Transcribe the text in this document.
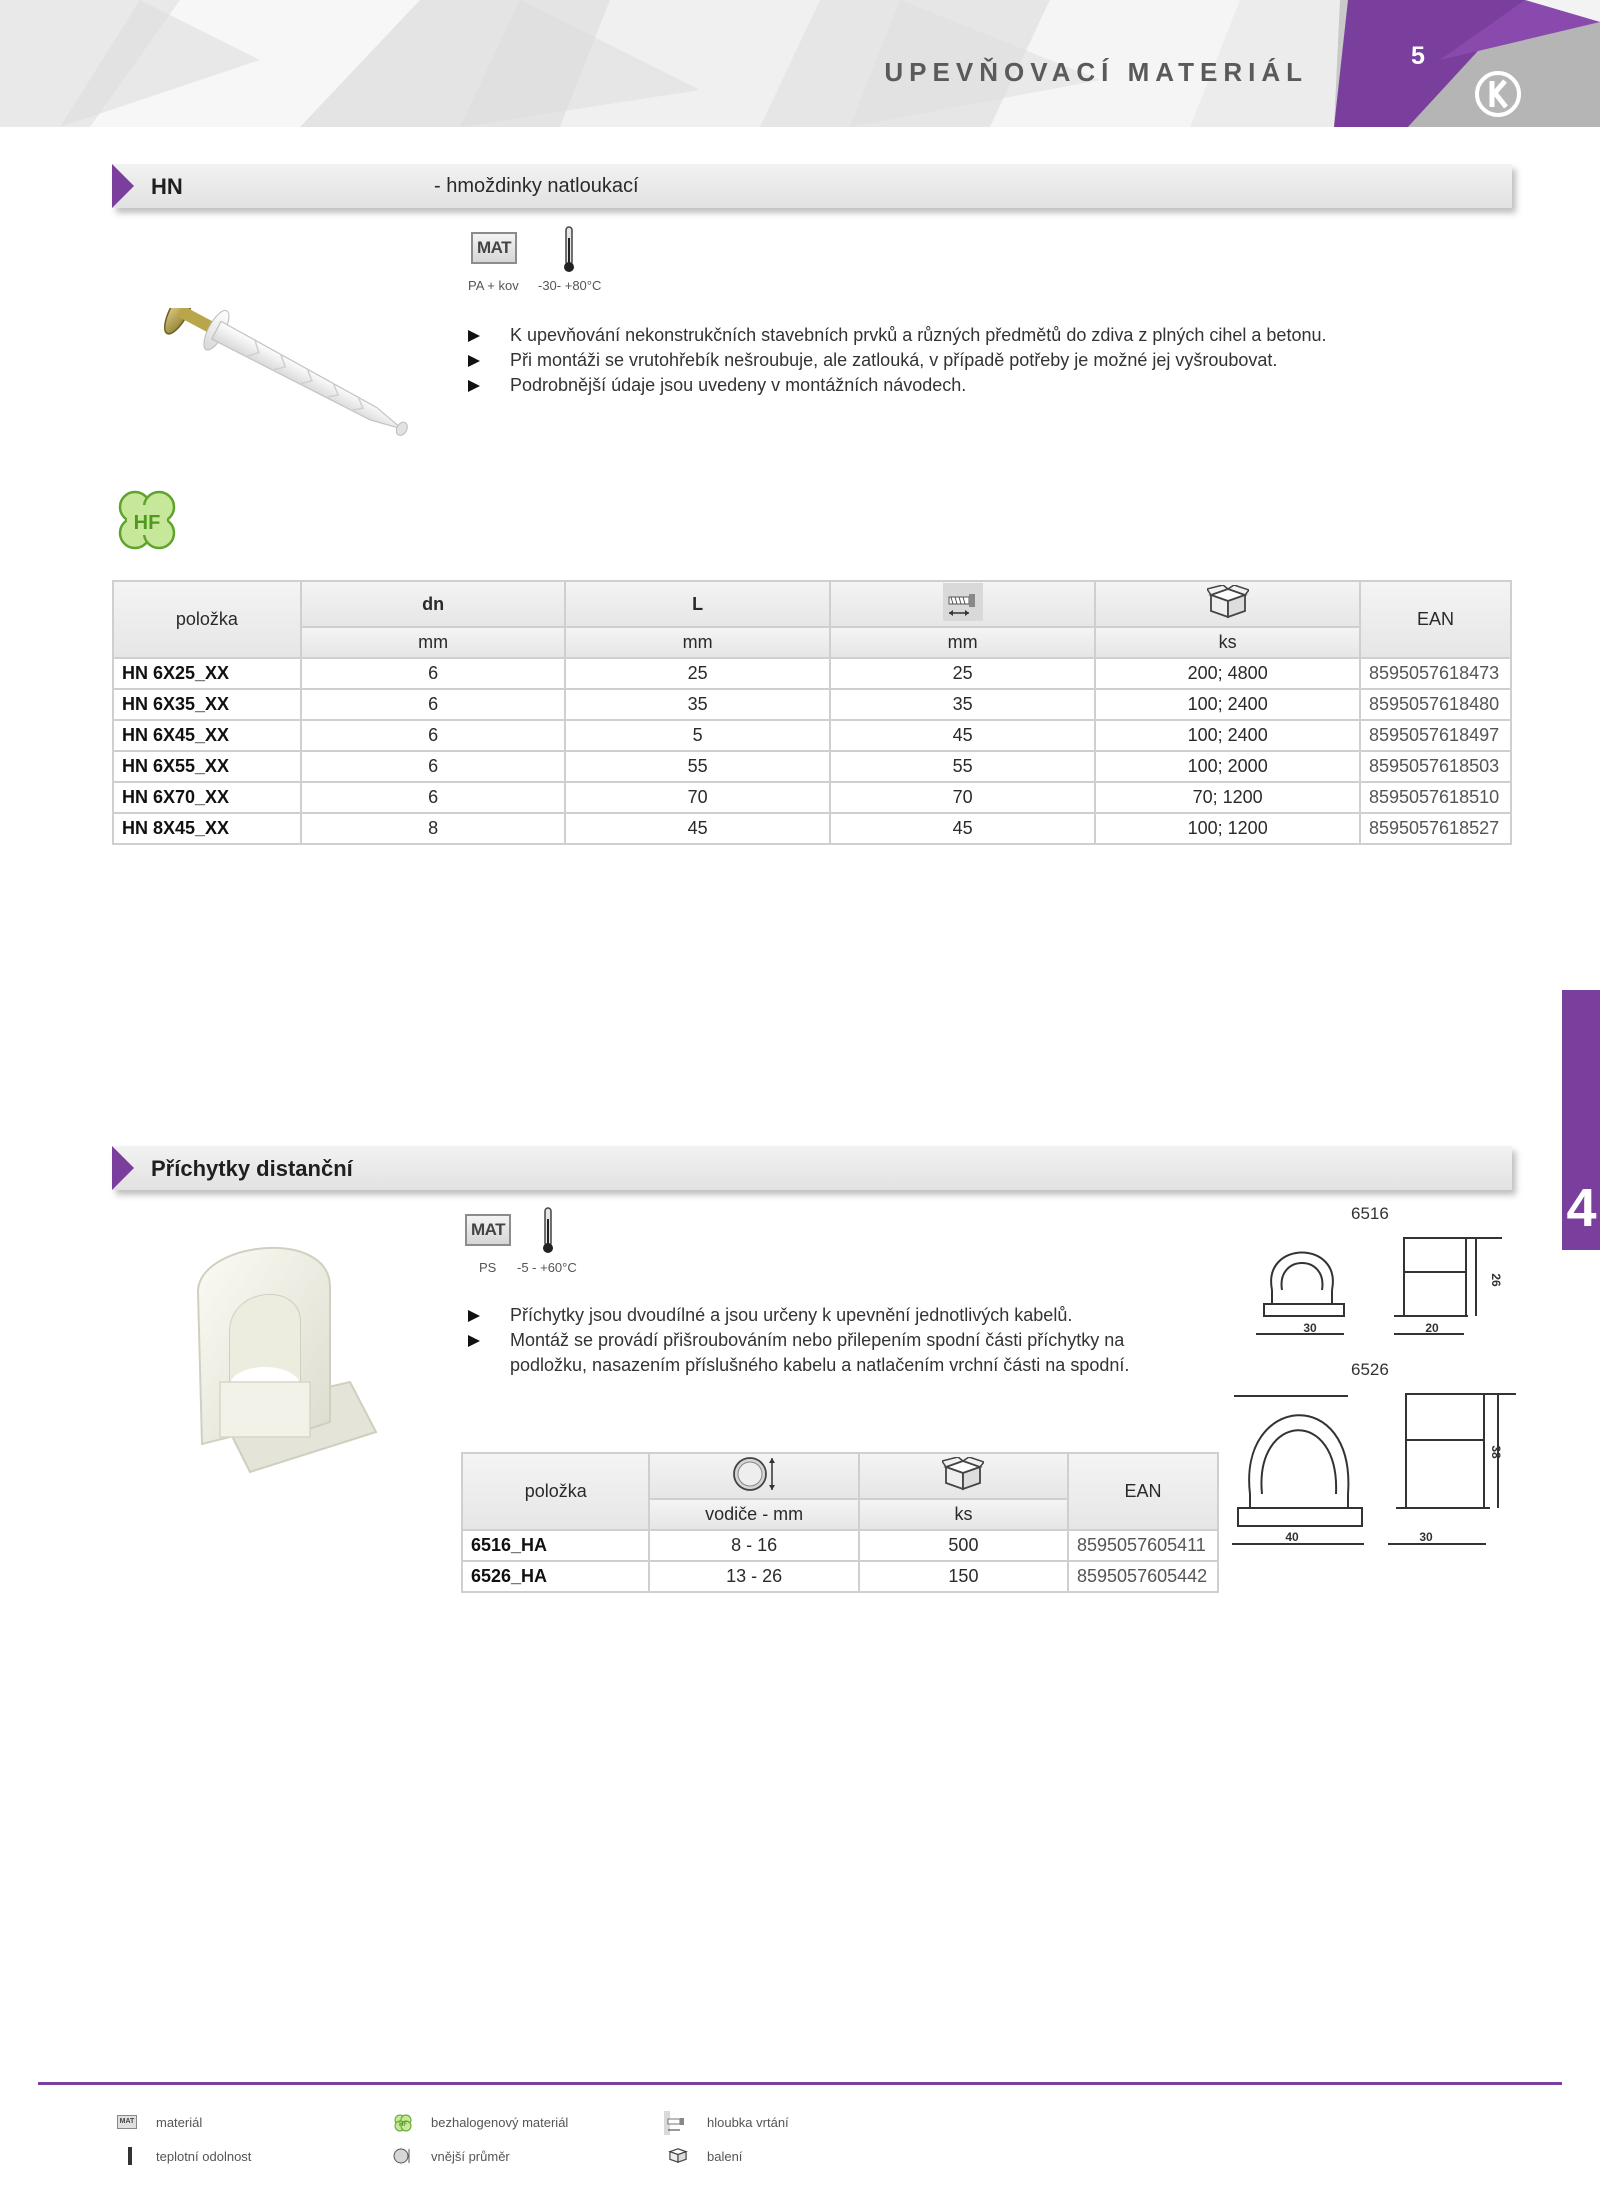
UPEVŇOVACÍ MATERIÁL
5
4
HN	- hmoždinky natloukací
MAT
PA + kov -30- +80°C
K upevňování nekonstrukčních stavebních prvků a různých předmětů do zdiva z plných cihel a betonu.
Při montáži se vrutohřebík nešroubuje, ale zatlouká, v případě potřeby je možné jej vyšroubovat.
Podrobnější údaje jsou uvedeny v montážních návodech.
HF
položka	dn	L			EAN
	mm	mm	mm	ks	
HN 6X25_XX	6	25	25	200; 4800	8595057618473
HN 6X35_XX	6	35	35	100; 2400	8595057618480
HN 6X45_XX	6	5	45	100; 2400	8595057618497
HN 6X55_XX	6	55	55	100; 2000	8595057618503
HN 6X70_XX	6	70	70	70; 1200	8595057618510
HN 8X45_XX	8	45	45	100; 1200	8595057618527
Příchytky distanční
MAT
PS -5 - +60°C
Příchytky jsou dvoudílné a jsou určeny k upevnění jednotlivých kabelů.
Montáž se provádí přišroubováním nebo přilepením spodní části příchytky na podložku, nasazením příslušného kabelu a natlačením vrchní části na spodní.
6516
30	20
26
6526
40	30
38
položka			EAN
	vodiče - mm	ks	
6516_HA	8 - 16	500	8595057605411
6526_HA	13 - 26	150	8595057605442
MAT materiál
teplotní odolnost
HF bezhalogenový materiál
vnější průměr
hloubka vrtání
balení
